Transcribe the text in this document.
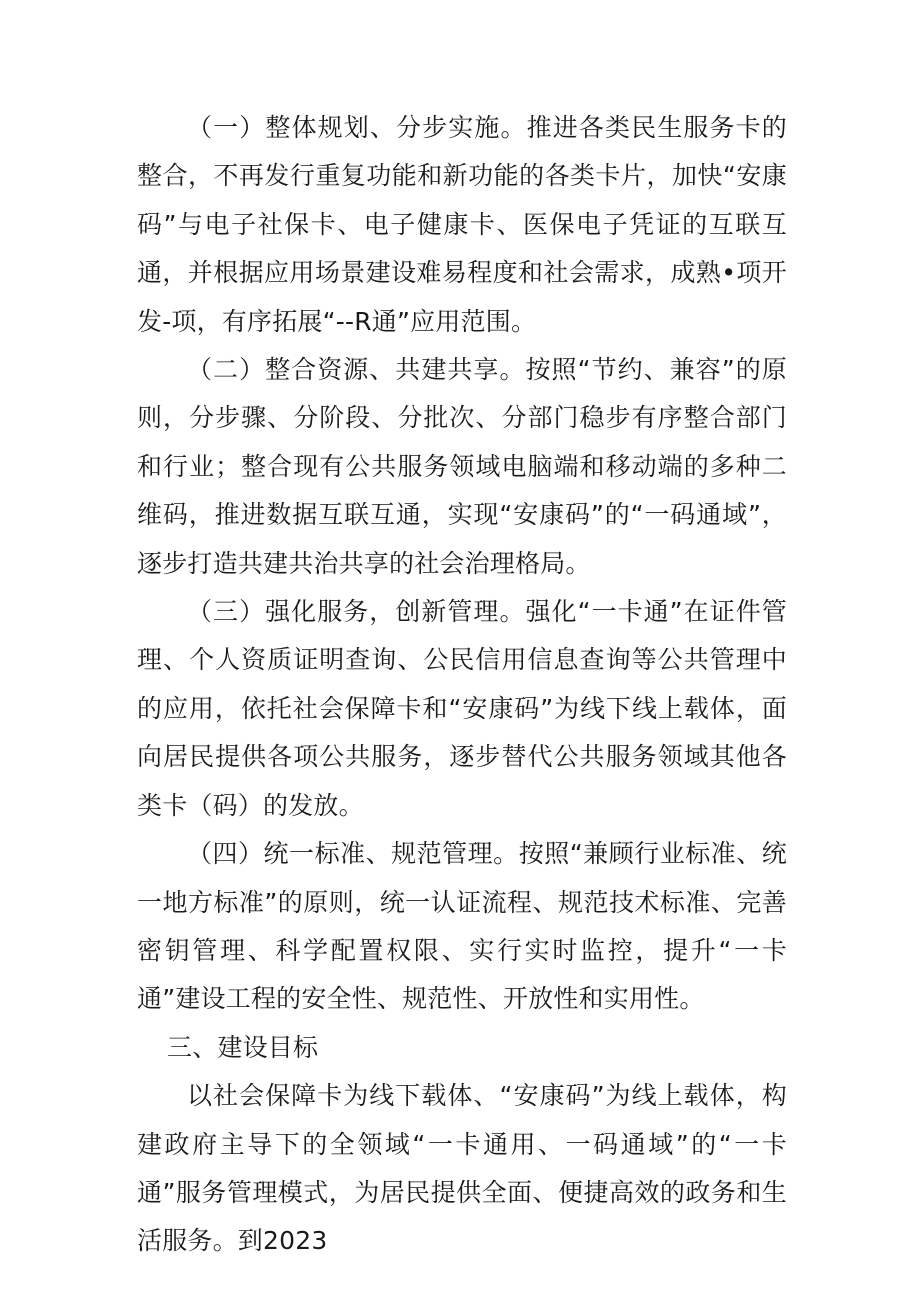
（一）整体规划、分步实施。推进各类民生服务卡的整合，不再发行重复功能和新功能的各类卡片，加快“安康码”与电子社保卡、电子健康卡、医保电子凭证的互联互通，并根据应用场景建设难易程度和社会需求，成熟•项开发-项，有序拓展“--R通”应用范围。

（二）整合资源、共建共享。按照“节约、兼容”的原则，分步骤、分阶段、分批次、分部门稳步有序整合部门和行业；整合现有公共服务领域电脑端和移动端的多种二维码，推进数据互联互通，实现“安康码”的“一码通域”，逐步打造共建共治共享的社会治理格局。

（三）强化服务，创新管理。强化“一卡通”在证件管理、个人资质证明查询、公民信用信息查询等公共管理中的应用，依托社会保障卡和“安康码”为线下线上载体，面向居民提供各项公共服务，逐步替代公共服务领域其他各类卡（码）的发放。

（四）统一标准、规范管理。按照“兼顾行业标准、统一地方标准”的原则，统一认证流程、规范技术标准、完善密钥管理、科学配置权限、实行实时监控，提升“一卡通”建设工程的安全性、规范性、开放性和实用性。

三、建设目标

以社会保障卡为线下载体、“安康码”为线上载体，构建政府主导下的全领域“一卡通用、一码通域”的“一卡通”服务管理模式，为居民提供全面、便捷高效的政务和生活服务。到2023
